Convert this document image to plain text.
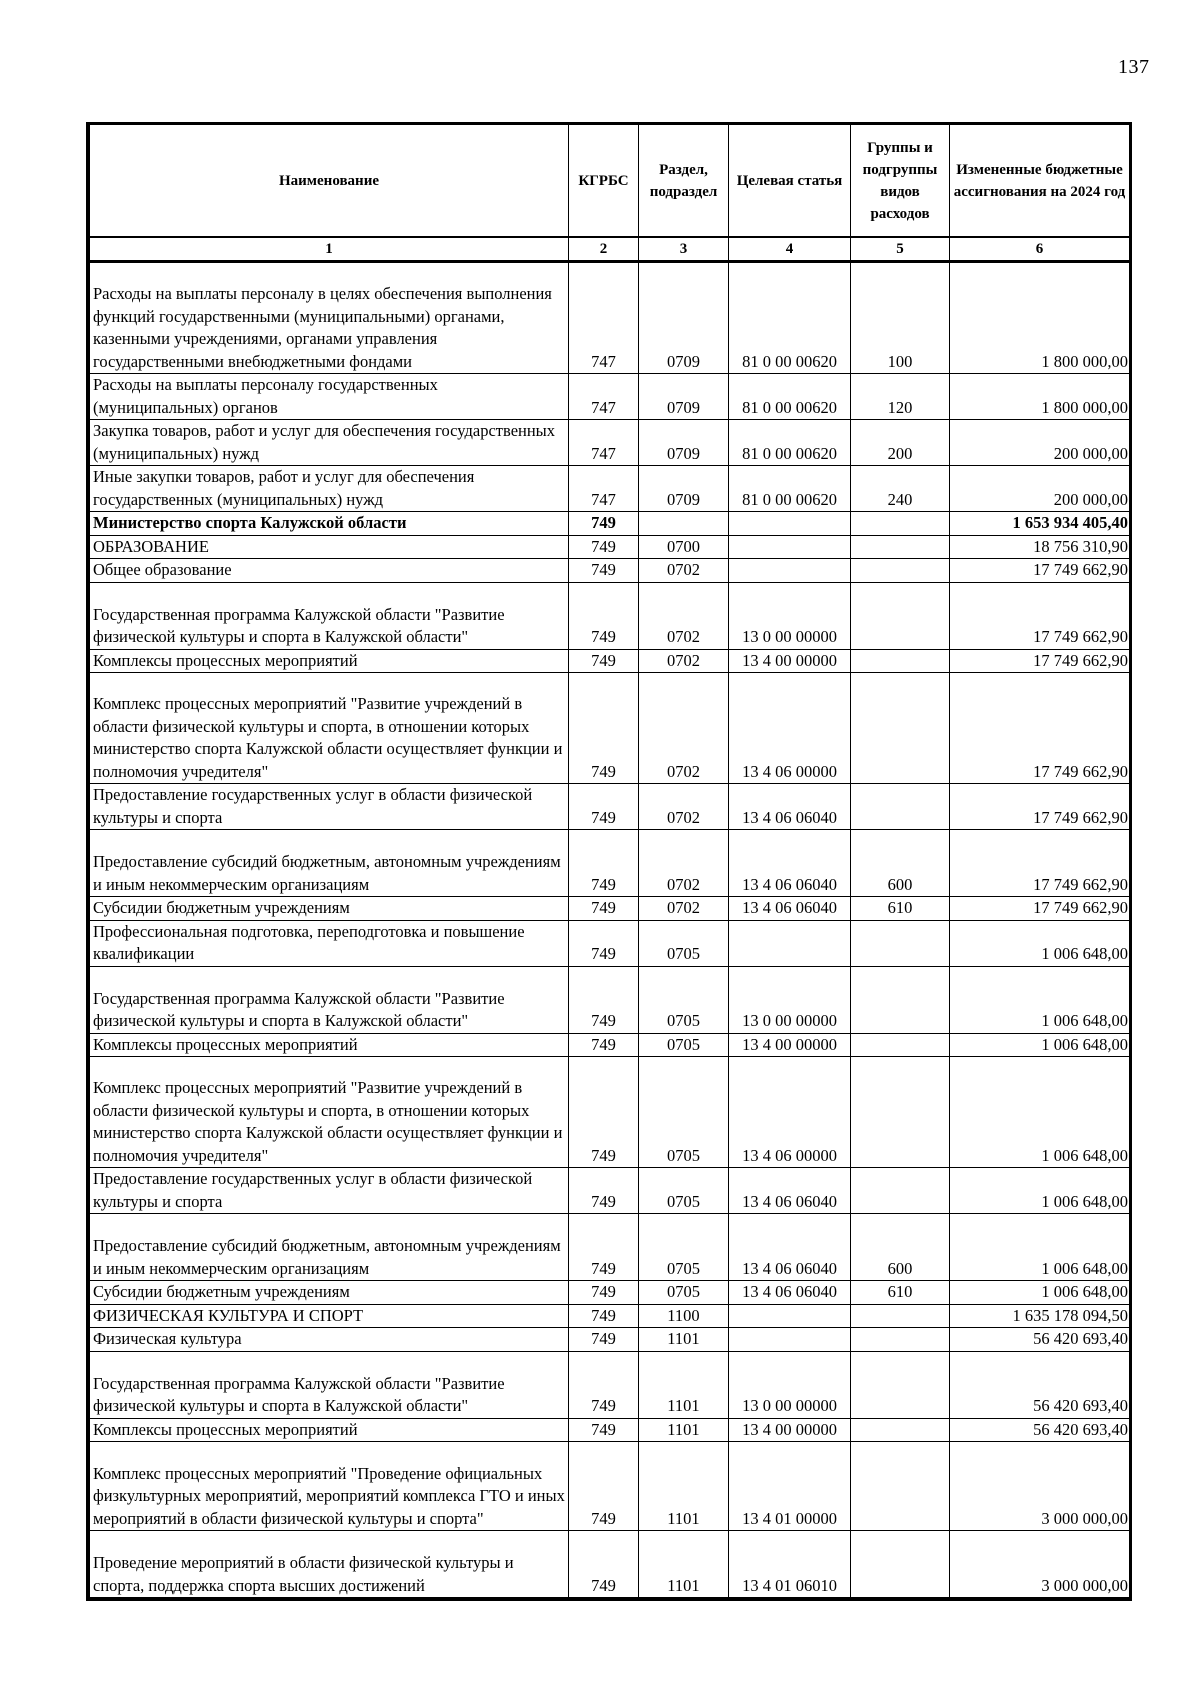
137
Наименование	КГРБС	Раздел, подраздел	Целевая статья	Группы и подгруппы видов расходов	Измененные бюджетные ассигнования на 2024 год
1	2	3	4	5	6
Расходы на выплаты персоналу в целях обеспечения выполнения функций государственными (муниципальными) органами, казенными учреждениями, органами управления государственными внебюджетными фондами	747	0709	81 0 00 00620	100	1 800 000,00
Расходы на выплаты персоналу государственных (муниципальных) органов	747	0709	81 0 00 00620	120	1 800 000,00
Закупка товаров, работ и услуг для обеспечения государственных (муниципальных) нужд	747	0709	81 0 00 00620	200	200 000,00
Иные закупки товаров, работ и услуг для обеспечения государственных (муниципальных) нужд	747	0709	81 0 00 00620	240	200 000,00
Министерство спорта Калужской области	749				1 653 934 405,40
ОБРАЗОВАНИЕ	749	0700			18 756 310,90
Общее образование	749	0702			17 749 662,90
Государственная программа Калужской области "Развитие физической культуры и спорта в Калужской области"	749	0702	13 0 00 00000		17 749 662,90
Комплексы процессных мероприятий	749	0702	13 4 00 00000		17 749 662,90
Комплекс процессных мероприятий "Развитие учреждений в области физической культуры и спорта, в отношении которых министерство спорта Калужской области осуществляет функции и полномочия учредителя"	749	0702	13 4 06 00000		17 749 662,90
Предоставление государственных услуг в области физической культуры и спорта	749	0702	13 4 06 06040		17 749 662,90
Предоставление субсидий бюджетным, автономным учреждениям и иным некоммерческим организациям	749	0702	13 4 06 06040	600	17 749 662,90
Субсидии бюджетным учреждениям	749	0702	13 4 06 06040	610	17 749 662,90
Профессиональная подготовка, переподготовка и повышение квалификации	749	0705			1 006 648,00
Государственная программа Калужской области "Развитие физической культуры и спорта в Калужской области"	749	0705	13 0 00 00000		1 006 648,00
Комплексы процессных мероприятий	749	0705	13 4 00 00000		1 006 648,00
Комплекс процессных мероприятий "Развитие учреждений в области физической культуры и спорта, в отношении которых министерство спорта Калужской области осуществляет функции и полномочия учредителя"	749	0705	13 4 06 00000		1 006 648,00
Предоставление государственных услуг в области физической культуры и спорта	749	0705	13 4 06 06040		1 006 648,00
Предоставление субсидий бюджетным, автономным учреждениям и иным некоммерческим организациям	749	0705	13 4 06 06040	600	1 006 648,00
Субсидии бюджетным учреждениям	749	0705	13 4 06 06040	610	1 006 648,00
ФИЗИЧЕСКАЯ КУЛЬТУРА И СПОРТ	749	1100			1 635 178 094,50
Физическая культура	749	1101			56 420 693,40
Государственная программа Калужской области "Развитие физической культуры и спорта в Калужской области"	749	1101	13 0 00 00000		56 420 693,40
Комплексы процессных мероприятий	749	1101	13 4 00 00000		56 420 693,40
Комплекс процессных мероприятий "Проведение официальных физкультурных мероприятий, мероприятий комплекса ГТО и иных мероприятий в области физической культуры и спорта"	749	1101	13 4 01 00000		3 000 000,00
Проведение мероприятий в области физической культуры и спорта, поддержка спорта высших достижений	749	1101	13 4 01 06010		3 000 000,00
